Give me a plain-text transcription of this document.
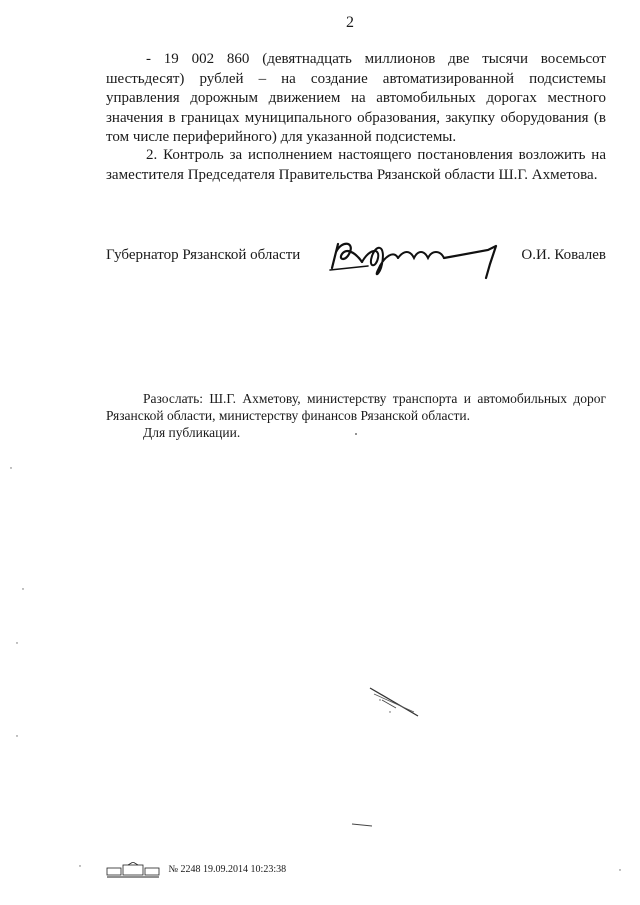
2

- 19 002 860 (девятнадцать миллионов две тысячи восемьсот шестьдесят) рублей – на создание автоматизированной подсистемы управления дорожным движением на автомобильных дорогах местного значения в границах муниципального образования, закупку оборудования (в том числе периферийного) для указанной подсистемы.

2. Контроль за исполнением настоящего постановления возложить на заместителя Председателя Правительства Рязанской области Ш.Г. Ахметова.

Губернатор Рязанской области	О.И. Ковалев
Разослать: Ш.Г. Ахметову, министерству транспорта и автомобильных дорог Рязанской области, министерству финансов Рязанской области.
Для публикации.
№ 2248 19.09.2014 10:23:38
